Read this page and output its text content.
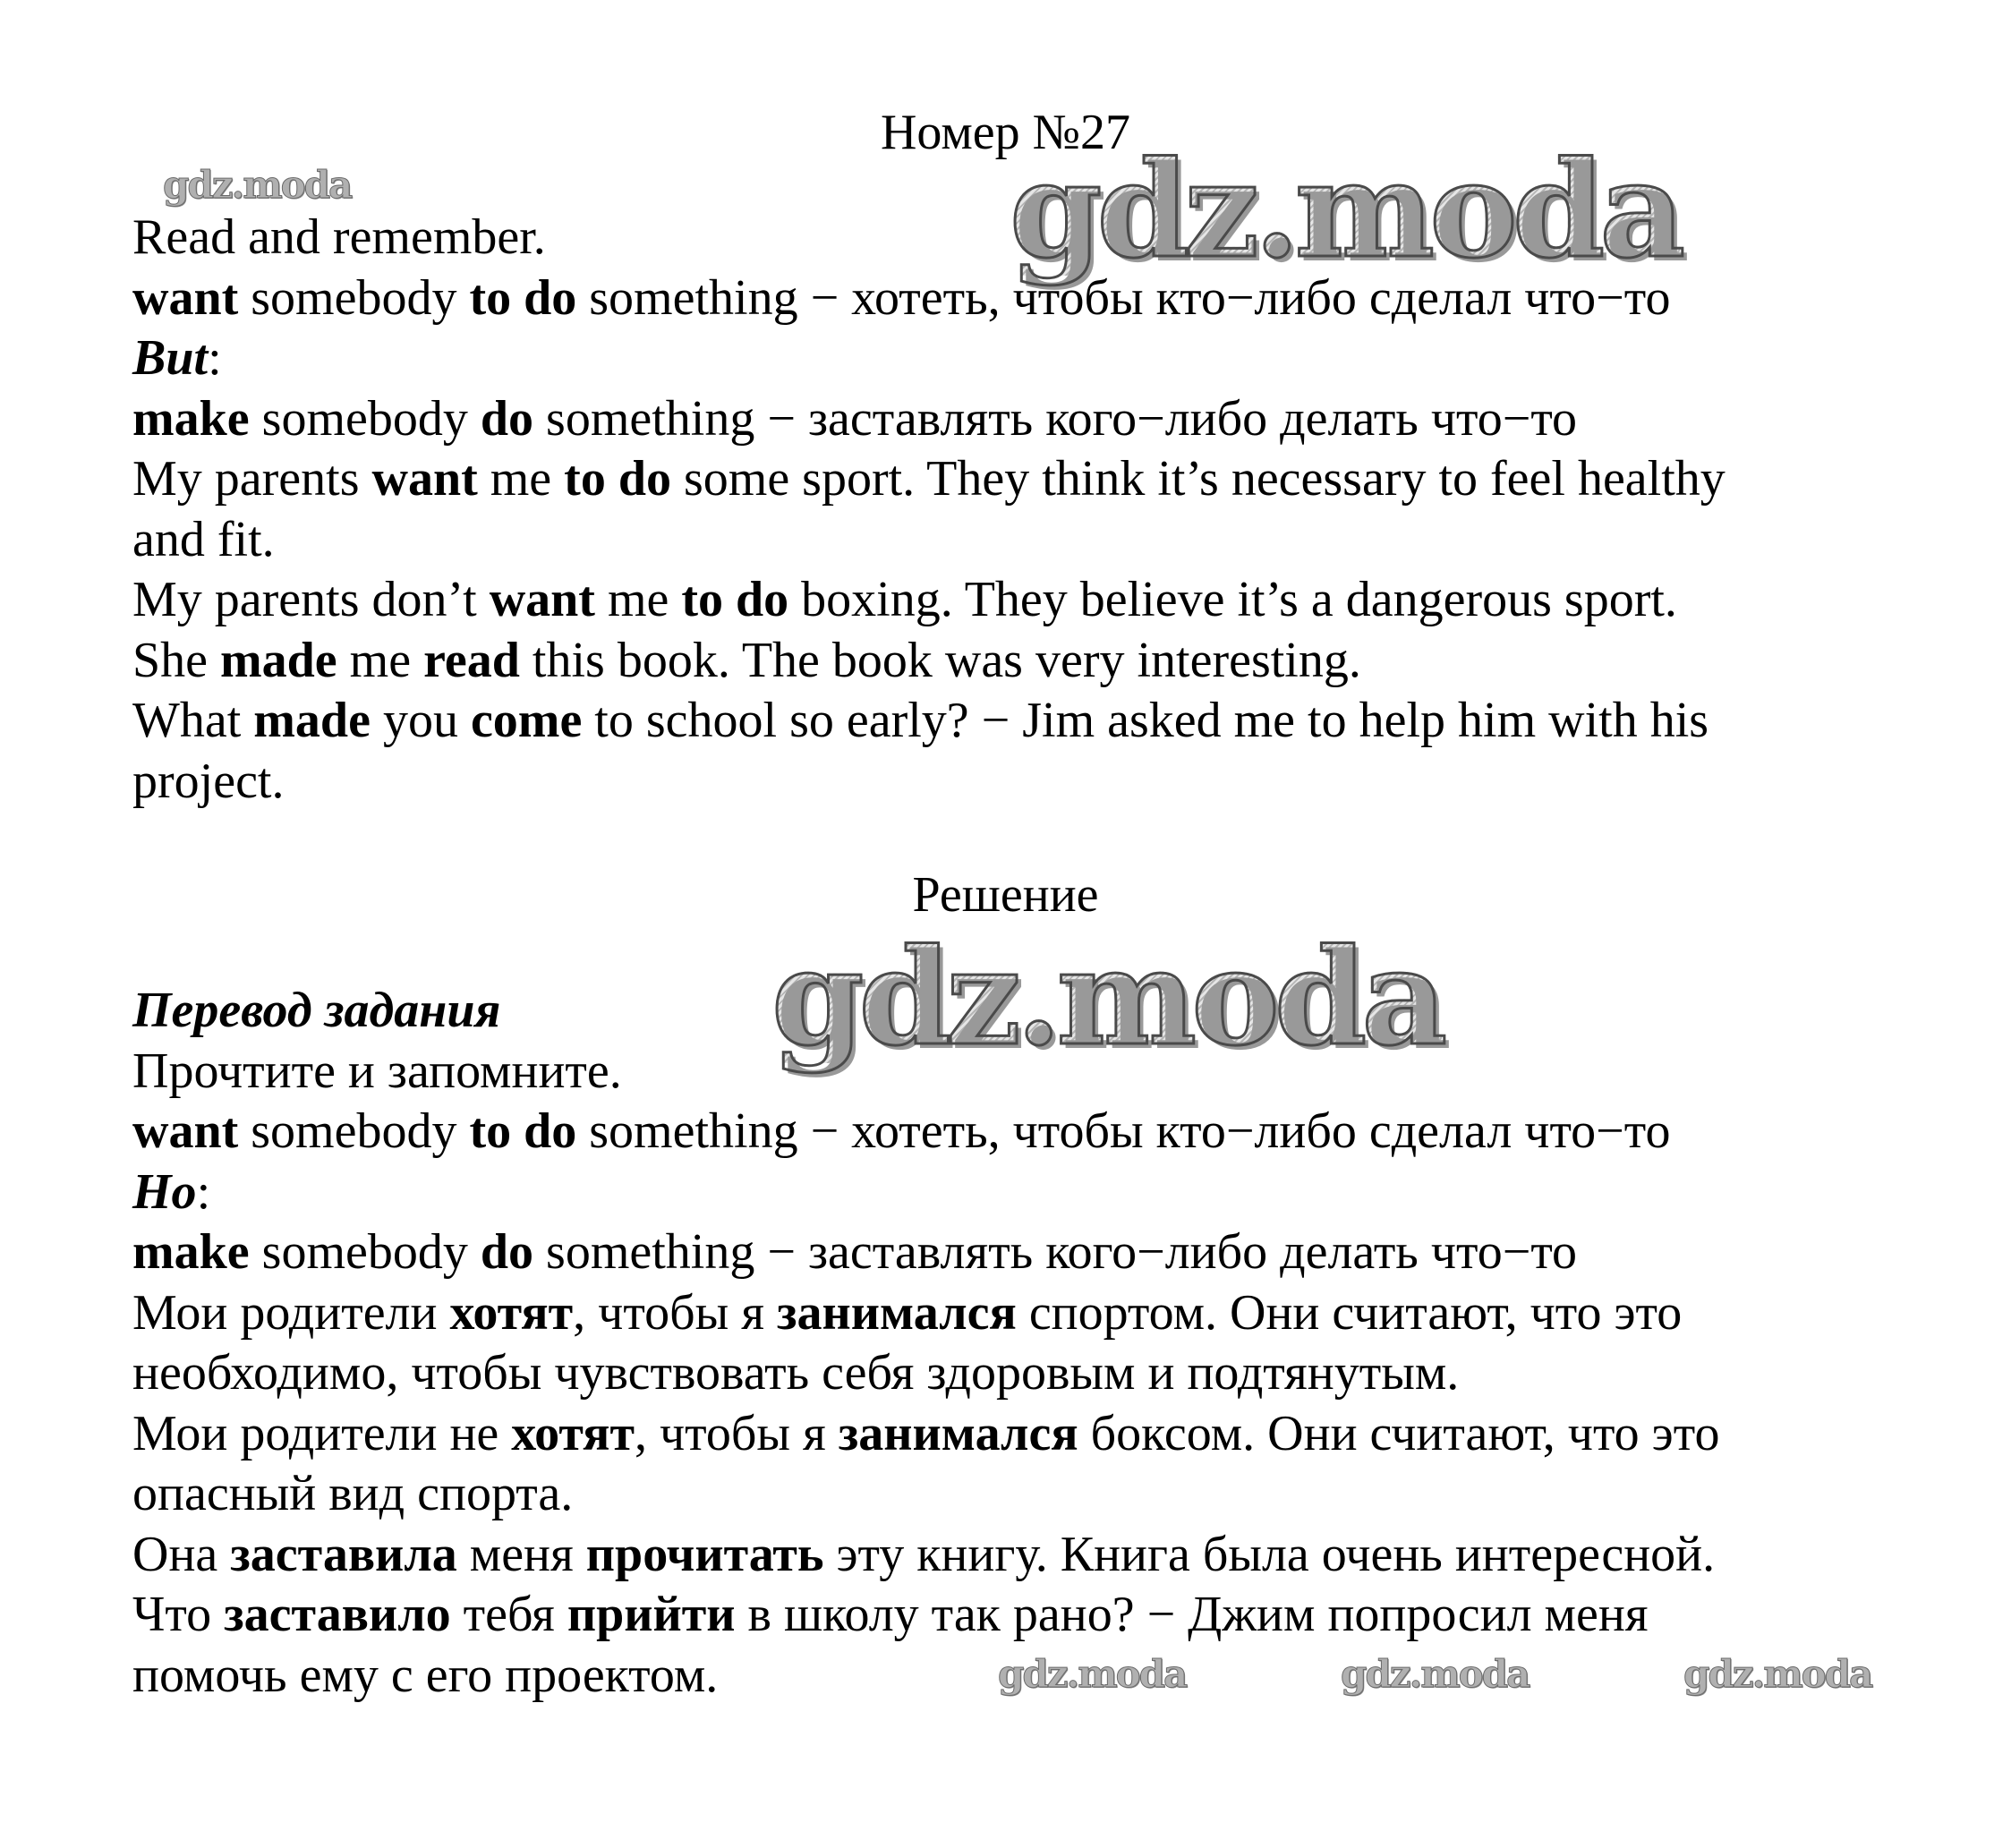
gdz.moda	gdz.moda
gdz.moda
gdz.moda	gdz.moda	gdz.moda
Номер №27
Read and remember.
want somebody to do something − хотеть, чтобы кто−либо сделал что−то
But:
make somebody do something − заставлять кого−либо делать что−то
My parents want me to do some sport. They think it’s necessary to feel healthy
and fit.
My parents don’t want me to do boxing. They believe it’s a dangerous sport.
She made me read this book. The book was very interesting.
What made you come to school so early? − Jim asked me to help him with his
project.
Решение
Перевод задания
Прочтите и запомните.
want somebody to do something − хотеть, чтобы кто−либо сделал что−то
Но:
make somebody do something − заставлять кого−либо делать что−то
Мои родители хотят, чтобы я занимался спортом. Они считают, что это
необходимо, чтобы чувствовать себя здоровым и подтянутым.
Мои родители не хотят, чтобы я занимался боксом. Они считают, что это
опасный вид спорта.
Она заставила меня прочитать эту книгу. Книга была очень интересной.
Что заставило тебя прийти в школу так рано? − Джим попросил меня
помочь ему с его проектом.
